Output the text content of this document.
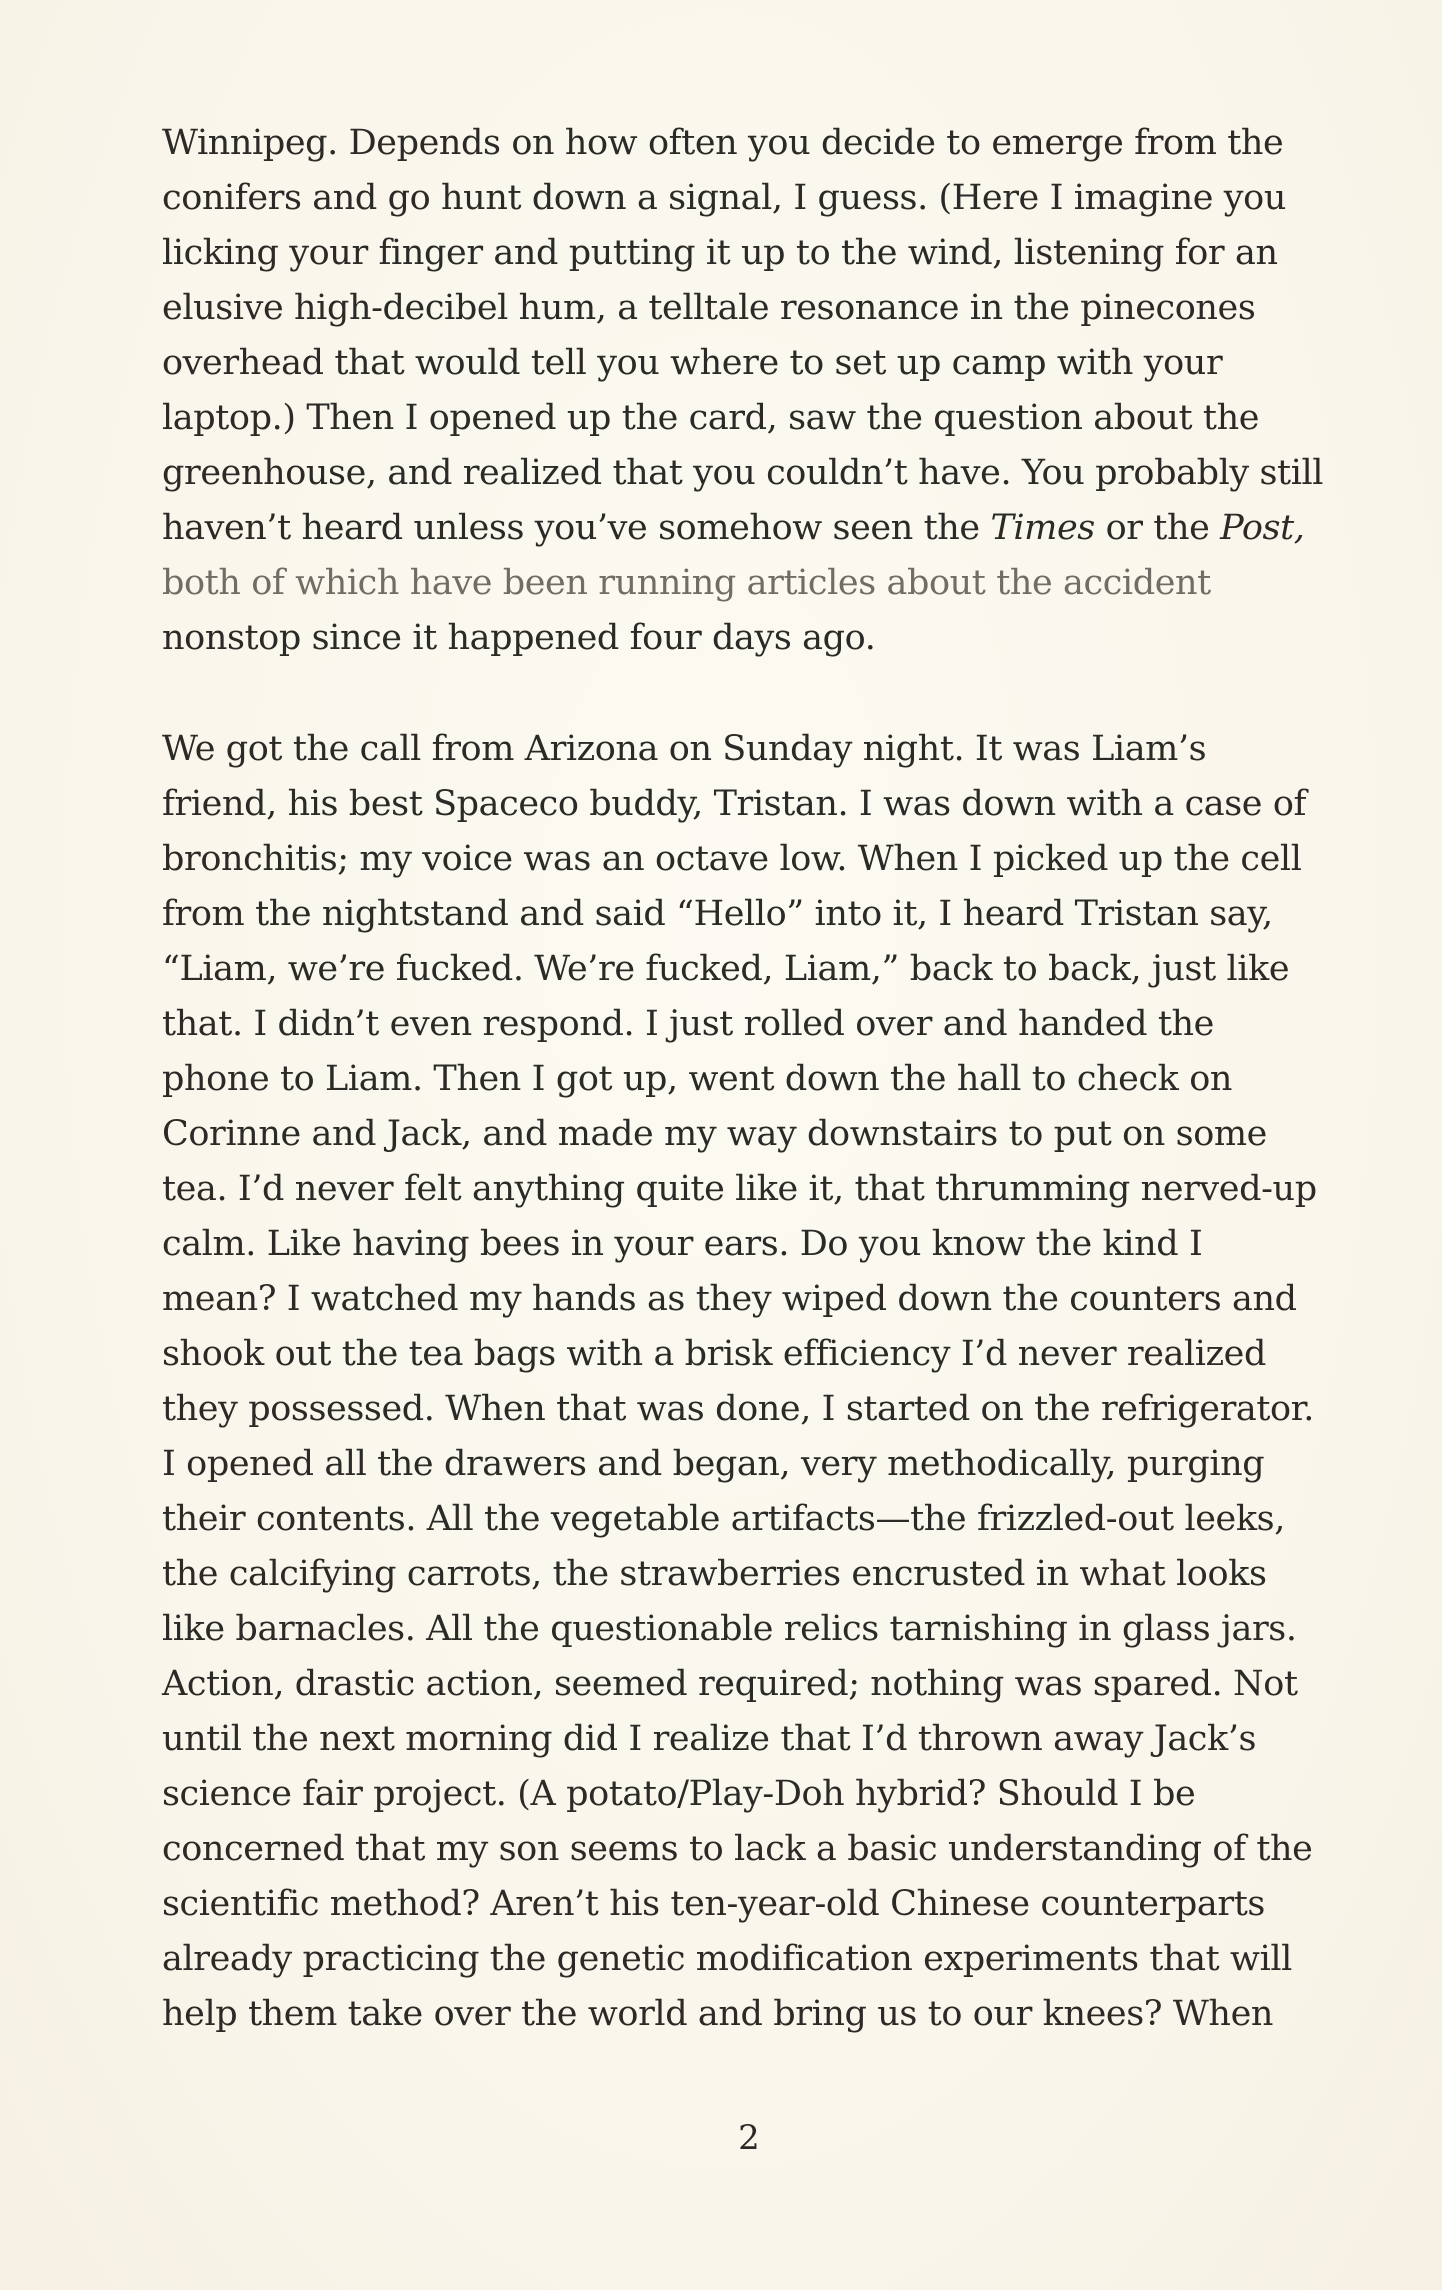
Winnipeg. Depends on how often you decide to emerge from the
conifers and go hunt down a signal, I guess. (Here I imagine you
licking your finger and putting it up to the wind, listening for an
elusive high-decibel hum, a telltale resonance in the pinecones
overhead that would tell you where to set up camp with your
laptop.) Then I opened up the card, saw the question about the
greenhouse, and realized that you couldn’t have. You probably still
haven’t heard unless you’ve somehow seen the Times or the Post,
both of which have been running articles about the accident
nonstop since it happened four days ago.
We got the call from Arizona on Sunday night. It was Liam’s
friend, his best Spaceco buddy, Tristan. I was down with a case of
bronchitis; my voice was an octave low. When I picked up the cell
from the nightstand and said “Hello” into it, I heard Tristan say,
“Liam, we’re fucked. We’re fucked, Liam,” back to back, just like
that. I didn’t even respond. I just rolled over and handed the
phone to Liam. Then I got up, went down the hall to check on
Corinne and Jack, and made my way downstairs to put on some
tea. I’d never felt anything quite like it, that thrumming nerved-up
calm. Like having bees in your ears. Do you know the kind I
mean? I watched my hands as they wiped down the counters and
shook out the tea bags with a brisk efficiency I’d never realized
they possessed. When that was done, I started on the refrigerator.
I opened all the drawers and began, very methodically, purging
their contents. All the vegetable artifacts—the frizzled-out leeks,
the calcifying carrots, the strawberries encrusted in what looks
like barnacles. All the questionable relics tarnishing in glass jars.
Action, drastic action, seemed required; nothing was spared. Not
until the next morning did I realize that I’d thrown away Jack’s
science fair project. (A potato/Play-Doh hybrid? Should I be
concerned that my son seems to lack a basic understanding of the
scientific method? Aren’t his ten-year-old Chinese counterparts
already practicing the genetic modification experiments that will
help them take over the world and bring us to our knees? When
2
